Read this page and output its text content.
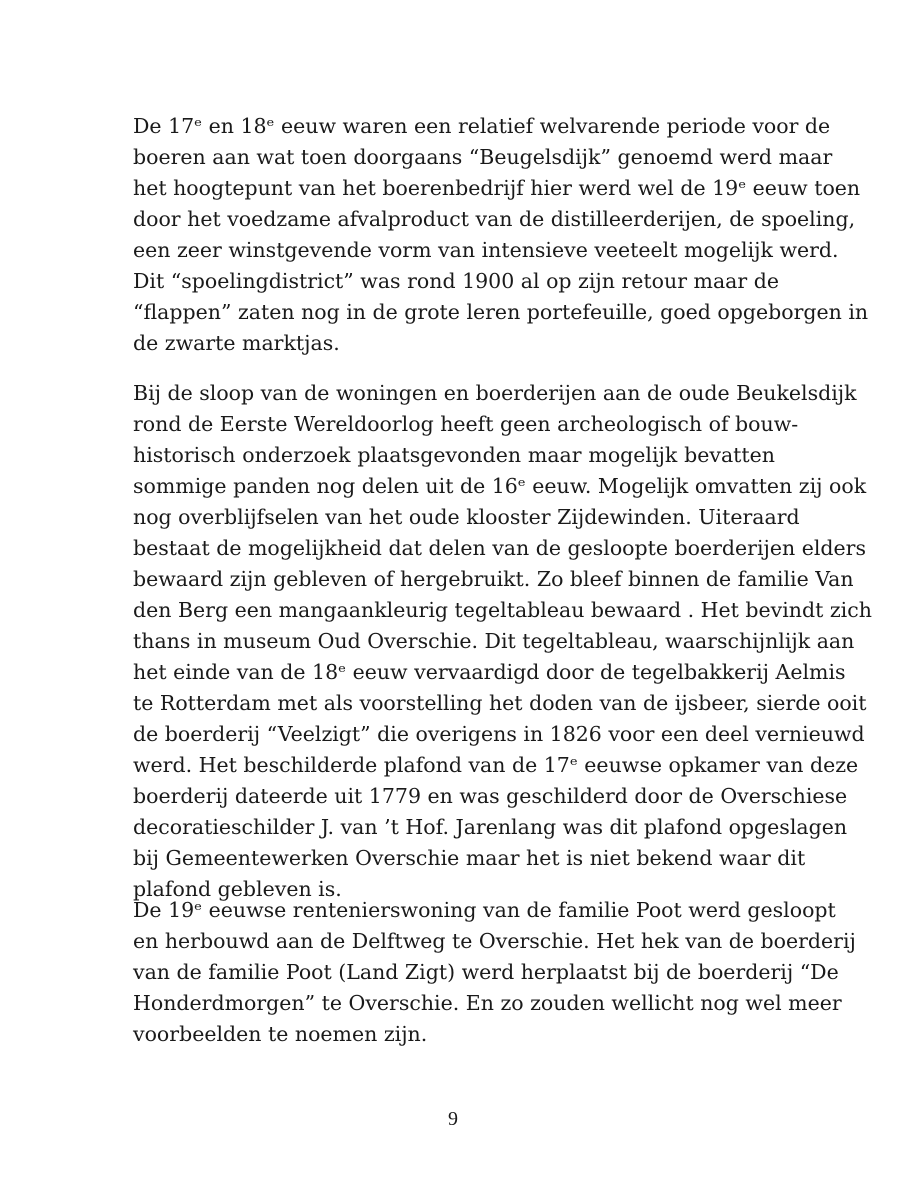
De 17ᵉ en 18ᵉ eeuw waren een relatief welvarende periode voor de
boeren aan wat toen doorgaans “Beugelsdijk” genoemd werd maar
het hoogtepunt van het boerenbedrijf hier werd wel de 19ᵉ eeuw toen
door het voedzame afvalproduct van de distilleerderijen, de spoeling,
een zeer winstgevende vorm van intensieve veeteelt mogelijk werd.
Dit “spoelingdistrict” was rond 1900 al op zijn retour maar de
“flappen” zaten nog in de grote leren portefeuille, goed opgeborgen in
de zwarte marktjas.

Bij de sloop van de woningen en boerderijen aan de oude Beukelsdijk
rond de Eerste Wereldoorlog heeft geen archeologisch of bouw-
historisch onderzoek plaatsgevonden maar mogelijk bevatten
sommige panden nog delen uit de 16ᵉ eeuw. Mogelijk omvatten zij ook
nog overblijfselen van het oude klooster Zijdewinden. Uiteraard
bestaat de mogelijkheid dat delen van de gesloopte boerderijen elders
bewaard zijn gebleven of hergebruikt. Zo bleef binnen de familie Van
den Berg een mangaankleurig tegeltableau bewaard . Het bevindt zich
thans in museum Oud Overschie. Dit tegeltableau, waarschijnlijk aan
het einde van de 18ᵉ eeuw vervaardigd door de tegelbakkerij Aelmis
te Rotterdam met als voorstelling het doden van de ijsbeer, sierde ooit
de boerderij “Veelzigt” die overigens in 1826 voor een deel vernieuwd
werd. Het beschilderde plafond van de 17ᵉ eeuwse opkamer van deze
boerderij dateerde uit 1779 en was geschilderd door de Overschiese
decoratieschilder J. van ’t Hof. Jarenlang was dit plafond opgeslagen
bij Gemeentewerken Overschie maar het is niet bekend waar dit
plafond gebleven is.

De 19ᵉ eeuwse rentenierswoning van de familie Poot werd gesloopt
en herbouwd aan de Delftweg te Overschie. Het hek van de boerderij
van de familie Poot (Land Zigt) werd herplaatst bij de boerderij “De
Honderdmorgen” te Overschie. En zo zouden wellicht nog wel meer
voorbeelden te noemen zijn.

9
